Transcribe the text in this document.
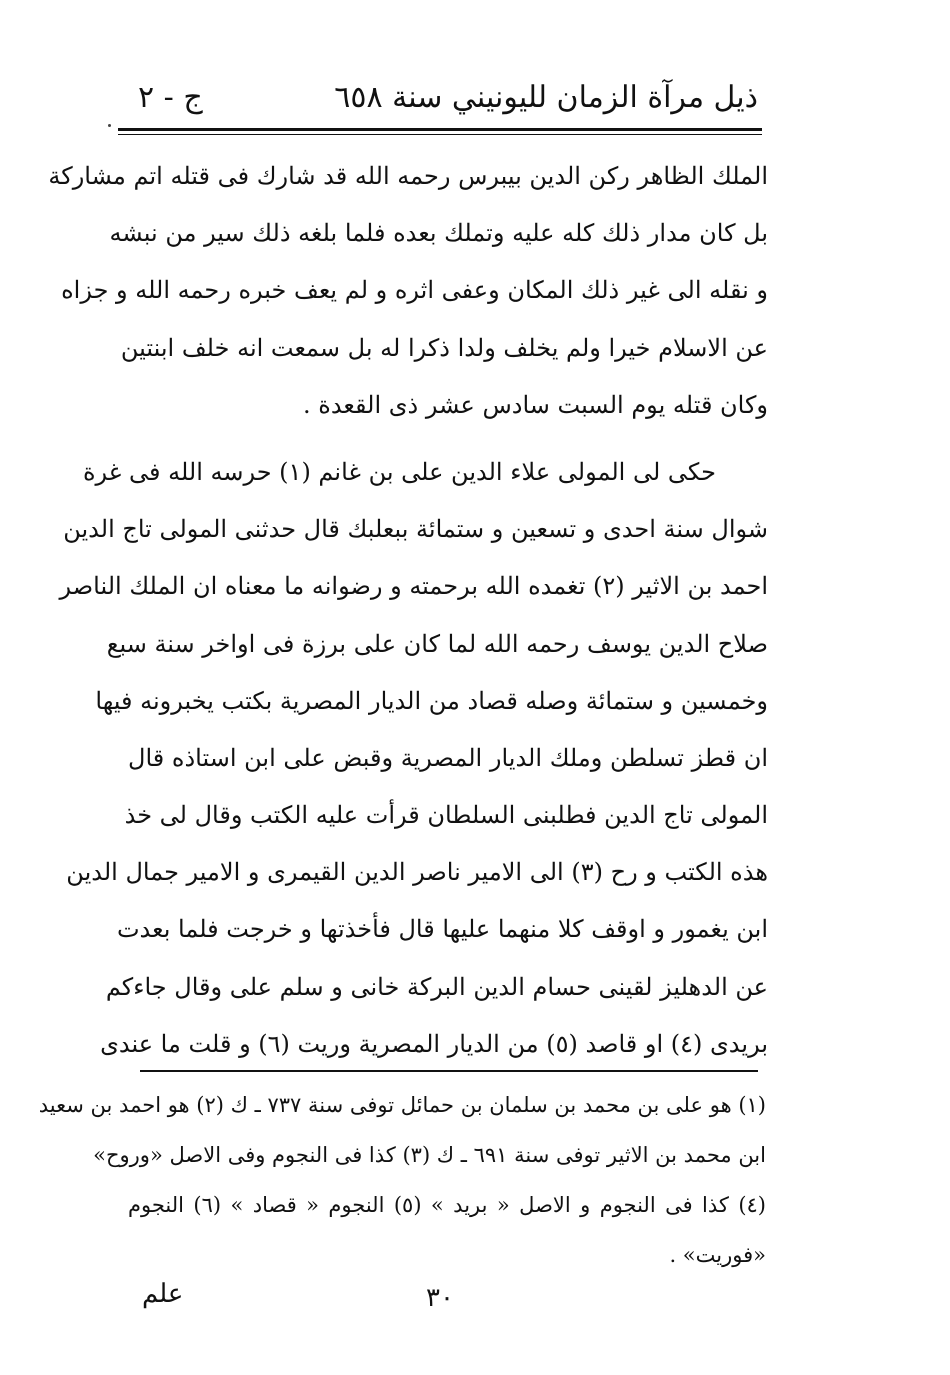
ذيل مرآة الزمان لليونيني سنة ٦٥٨
ج - ٢
الملك الظاهر ركن الدين بيبرس رحمه الله قد شارك فى قتله اتم مشاركة
بل كان مدار ذلك كله عليه وتملك بعده فلما بلغه ذلك سير من نبشه
و نقله الى غير ذلك المكان وعفى اثره و لم يعف خبره رحمه الله و جزاه
عن الاسلام خيرا ولم يخلف ولدا ذكرا له بل سمعت انه خلف ابنتين
وكان قتله يوم السبت سادس عشر ذى القعدة .
حكى لى المولى علاء الدين على بن غانم (١) حرسه الله فى غرة
شوال سنة احدى و تسعين و ستمائة ببعلبك قال حدثنى المولى تاج الدين
احمد بن الاثير (٢) تغمده الله برحمته و رضوانه ما معناه ان الملك الناصر
صلاح الدين يوسف رحمه الله لما كان على برزة فى اواخر سنة سبع
وخمسين و ستمائة وصله قصاد من الديار المصرية بكتب يخبرونه فيها
ان قطز تسلطن وملك الديار المصرية وقبض على ابن استاذه قال
المولى تاج الدين فطلبنى السلطان قرأت عليه الكتب وقال لى خذ
هذه الكتب و رح (٣) الى الامير ناصر الدين القيمرى و الامير جمال الدين
ابن يغمور و اوقف كلا منهما عليها قال فأخذتها و خرجت فلما بعدت
عن الدهليز لقينى حسام الدين البركة خانى و سلم على وقال جاءكم
بريدى (٤) او قاصد (٥) من الديار المصرية وريت (٦) و قلت ما عندى
(١) هو على بن محمد بن سلمان بن حمائل توفى سنة ٧٣٧ ـ ك (٢) هو احمد بن سعيد
ابن محمد بن الاثير توفى سنة ٦٩١ ـ ك (٣) كذا فى النجوم وفى الاصل «وروح»
(٤) كذا فى النجوم و الاصل « بريد » (٥) النجوم « قصاد » (٦) النجوم
«فوريت» .
٣٠
علم
